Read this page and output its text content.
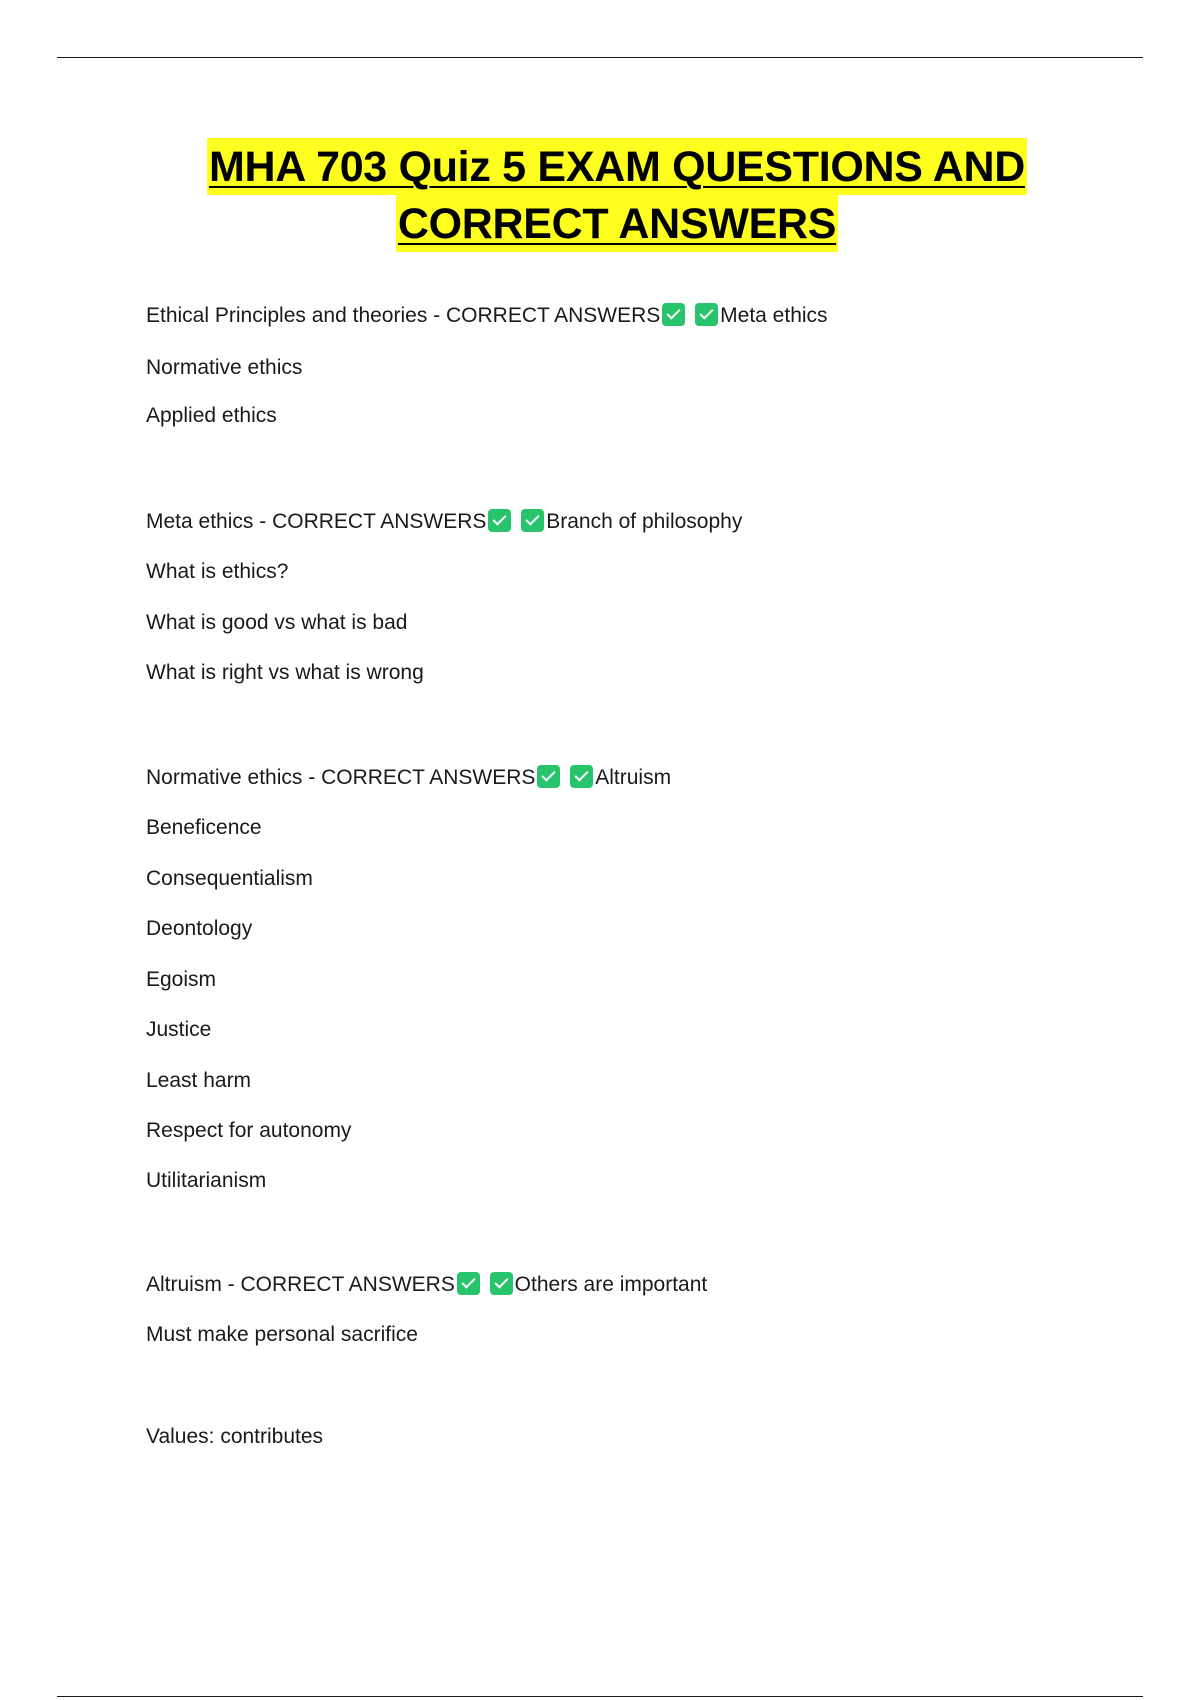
MHA 703 Quiz 5 EXAM QUESTIONS AND
CORRECT ANSWERS
Ethical Principles and theories - CORRECT ANSWERS	Meta ethics
Normative ethics
Applied ethics
Meta ethics - CORRECT ANSWERS	Branch of philosophy
What is ethics?
What is good vs what is bad
What is right vs what is wrong
Normative ethics - CORRECT ANSWERS	Altruism
Beneficence
Consequentialism
Deontology
Egoism
Justice
Least harm
Respect for autonomy
Utilitarianism
Altruism - CORRECT ANSWERS	Others are important
Must make personal sacrifice
Values: contributes
